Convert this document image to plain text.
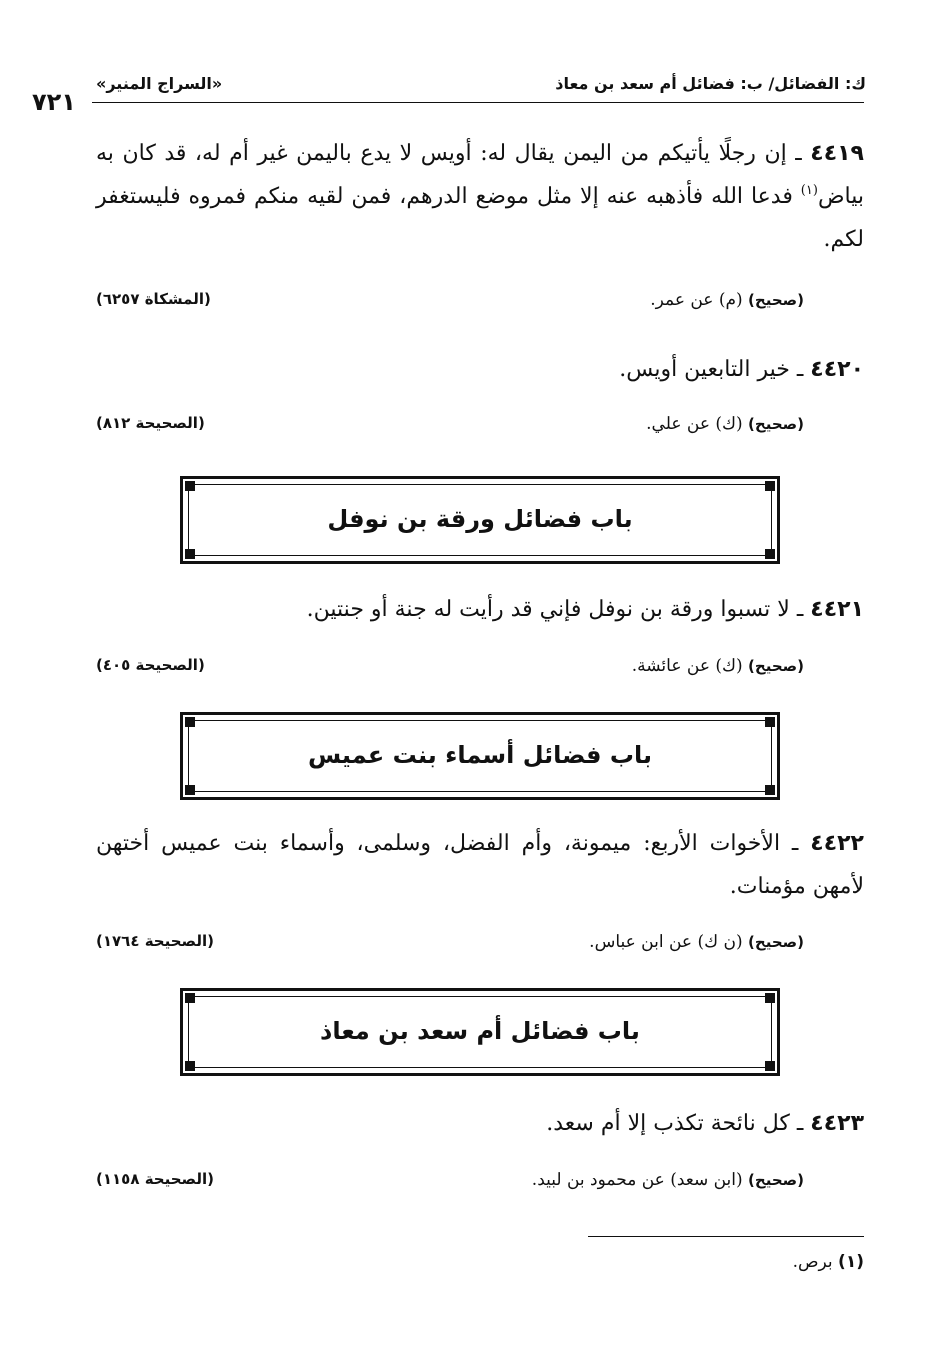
ك: الفضائل/ ب: فضائل أم سعد بن معاذ
«السراج المنير»
٧٢١
٤٤١٩ ـ إن رجلًا يأتيكم من اليمن يقال له: أويس لا يدع باليمن غير أم له، قد كان به بياض$^{(١)}$ فدعا الله فأذهبه عنه إلا مثل موضع الدرهم، فمن لقيه منكم فمروه فليستغفر لكم.
(صحيح) (م) عن عمر.
(المشكاة ٦٢٥٧)
٤٤٢٠ ـ خير التابعين أويس.
(صحيح) (ك) عن علي.
(الصحيحة ٨١٢)
باب فضائل ورقة بن نوفل
٤٤٢١ ـ لا تسبوا ورقة بن نوفل فإني قد رأيت له جنة أو جنتين.
(صحيح) (ك) عن عائشة.
(الصحيحة ٤٠٥)
باب فضائل أسماء بنت عميس
٤٤٢٢ ـ الأخوات الأربع: ميمونة، وأم الفضل، وسلمى، وأسماء بنت عميس أختهن لأمهن مؤمنات.
(صحيح) (ن ك) عن ابن عباس.
(الصحيحة ١٧٦٤)
باب فضائل أم سعد بن معاذ
٤٤٢٣ ـ كل نائحة تكذب إلا أم سعد.
(صحيح) (ابن سعد) عن محمود بن لبيد.
(الصحيحة ١١٥٨)
(١) برص.
